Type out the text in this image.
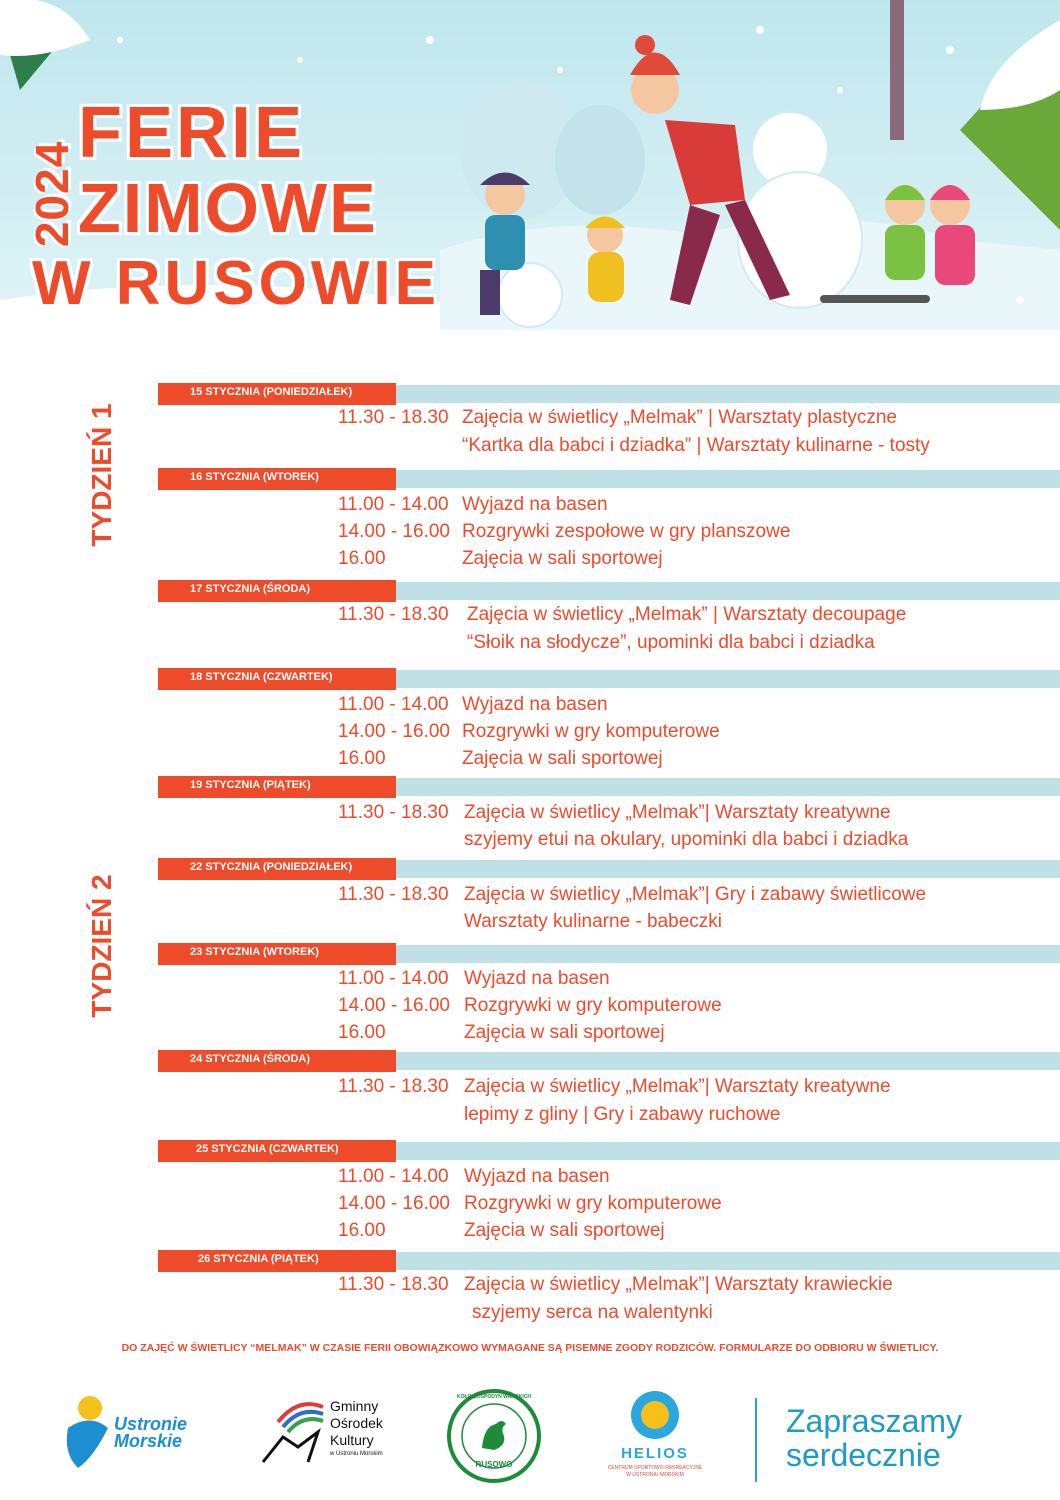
2024
FERIE
ZIMOWE
W RUSOWIE
TYDZIEŃ 1
TYDZIEŃ 2
15 STYCZNIA (PONIEDZIAŁEK)
11.30 - 18.30 Zajęcia w świetlicy „Melmak” | Warsztaty plastyczne
“Kartka dla babci i dziadka” | Warsztaty kulinarne - tosty
16 STYCZNIA (WTOREK)
11.00 - 14.00 Wyjazd na basen
14.00 - 16.00 Rozgrywki zespołowe w gry planszowe
16.00	Zajęcia w sali sportowej
17 STYCZNIA (ŚRODA)
11.30 - 18.30 Zajęcia w świetlicy „Melmak” | Warsztaty decoupage
“Słoik na słodycze”, upominki dla babci i dziadka
18 STYCZNIA (CZWARTEK)
11.00 - 14.00 Wyjazd na basen
14.00 - 16.00 Rozgrywki w gry komputerowe
16.00	Zajęcia w sali sportowej
19 STYCZNIA (PIĄTEK)
11.30 - 18.30 Zajęcia w świetlicy „Melmak”| Warsztaty kreatywne
szyjemy etui na okulary, upominki dla babci i dziadka
22 STYCZNIA (PONIEDZIAŁEK)
11.30 - 18.30 Zajęcia w świetlicy „Melmak”| Gry i zabawy świetlicowe
Warsztaty kulinarne - babeczki
23 STYCZNIA (WTOREK)
11.00 - 14.00 Wyjazd na basen
14.00 - 16.00 Rozgrywki w gry komputerowe
16.00	Zajęcia w sali sportowej
24 STYCZNIA (ŚRODA)
11.30 - 18.30 Zajęcia w świetlicy „Melmak”| Warsztaty kreatywne
lepimy z gliny | Gry i zabawy ruchowe
25 STYCZNIA (CZWARTEK)
11.00 - 14.00 Wyjazd na basen
14.00 - 16.00 Rozgrywki w gry komputerowe
16.00	Zajęcia w sali sportowej
26 STYCZNIA (PIĄTEK)
11.30 - 18.30 Zajęcia w świetlicy „Melmak”| Warsztaty krawieckie
szyjemy serca na walentynki
DO ZAJĘĆ W ŚWIETLICY “MELMAK” W CZASIE FERII OBOWIĄZKOWO WYMAGANE SĄ PISEMNE ZGODY RODZICÓW. FORMULARZE DO ODBIORU W ŚWIETLICY.
Ustronie
Morskie
Gminny
Ośrodek
Kultury
w Ustroniu Morskim
RUSOWO
KOŁO GOSPODYŃ WIEJSKICH
HELIOS
CENTRUM SPORTOWO-REKREACYJNE
W USTRONIU MORSKIM
Zapraszamy
serdecznie
